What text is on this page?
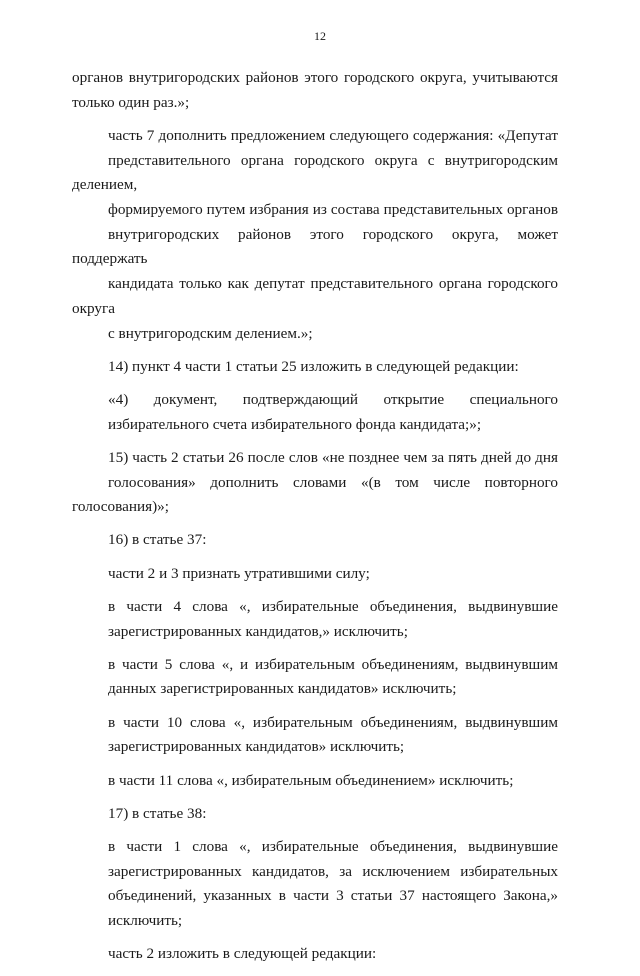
12

органов внутригородских районов этого городского округа, учитываются
только один раз.»;

часть 7 дополнить предложением следующего содержания: «Депутат
представительного органа городского округа с внутригородским делением,
формируемого путем избрания из состава представительных органов
внутригородских районов этого городского округа, может поддержать
кандидата только как депутат представительного органа городского округа
с внутригородским делением.»;

14) пункт 4 части 1 статьи 25 изложить в следующей редакции:

«4) документ, подтверждающий открытие специального
избирательного счета избирательного фонда кандидата;»;

15) часть 2 статьи 26 после слов «не позднее чем за пять дней до дня
голосования» дополнить словами «(в том числе повторного голосования)»;

16) в статье 37:

части 2 и 3 признать утратившими силу;

в части 4 слова «, избирательные объединения, выдвинувшие
зарегистрированных кандидатов,» исключить;

в части 5 слова «, и избирательным объединениям, выдвинувшим
данных зарегистрированных кандидатов» исключить;

в части 10 слова «, избирательным объединениям, выдвинувшим
зарегистрированных кандидатов» исключить;

в части 11 слова «, избирательным объединением» исключить;

17) в статье 38:

в части 1 слова «, избирательные объединения, выдвинувшие
зарегистрированных кандидатов, за исключением избирательных
объединений, указанных в части 3 статьи 37 настоящего Закона,»
исключить;

часть 2 изложить в следующей редакции:
